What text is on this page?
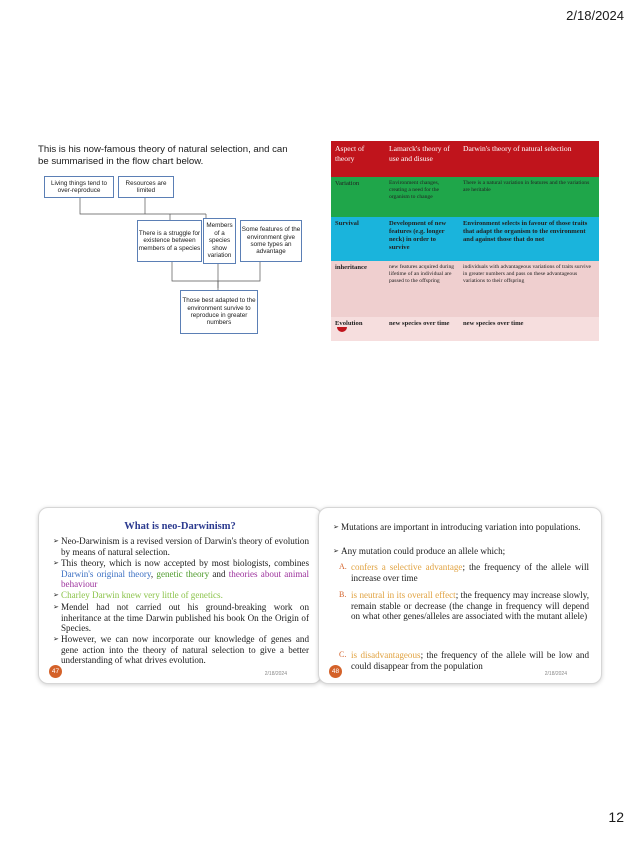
2/18/2024
This is his now-famous theory of natural selection, and can be summarised in the flow chart below.
Living things tend to over-reproduce
Resources are limited
There is a struggle for existence between members of a species
Members of a species show variation
Some features of the environment give some types an advantage
Those best adapted to the environment survive to reproduce in greater numbers
Aspect of theory	Lamarck's theory of use and disuse	Darwin's theory of natural selection
Variation	Environment changes, creating a need for the organism to change	There is a natural variation in features and the variations are heritable
Survival	Development of new features (e.g. longer neck) in order to survive	Environment selects in favour of those traits that adapt the organism to the environment and against those that do not
inheritance	new features acquired during lifetime of an individual are passed to the offspring	individuals with advantageous variations of traits survive in greater numbers and pass on these advantageous variations to their offspring
Evolution	new species over time	new species over time
What is neo-Darwinism?
➢ Neo-Darwinism is a revised version of Darwin's theory of evolution by means of natural selection.
➢ This theory, which is now accepted by most biologists, combines Darwin's original theory, genetic theory and theories about animal behaviour
➢ Charley Darwin knew very little of genetics.
➢ Mendel had not carried out his ground-breaking work on inheritance at the time Darwin published his book On the Origin of Species.
➢ However, we can now incorporate our knowledge of genes and gene action into the theory of natural selection to give a better understanding of what drives evolution.
47	2/18/2024
➢ Mutations are important in introducing variation into populations.
➢ Any mutation could produce an allele which;
A. confers a selective advantage; the frequency of the allele will increase over time
B. is neutral in its overall effect; the frequency may increase slowly, remain stable or decrease (the change in frequency will depend on what other genes/alleles are associated with the mutant allele)
C. is disadvantageous; the frequency of the allele will be low and could disappear from the population
48	2/18/2024
12
